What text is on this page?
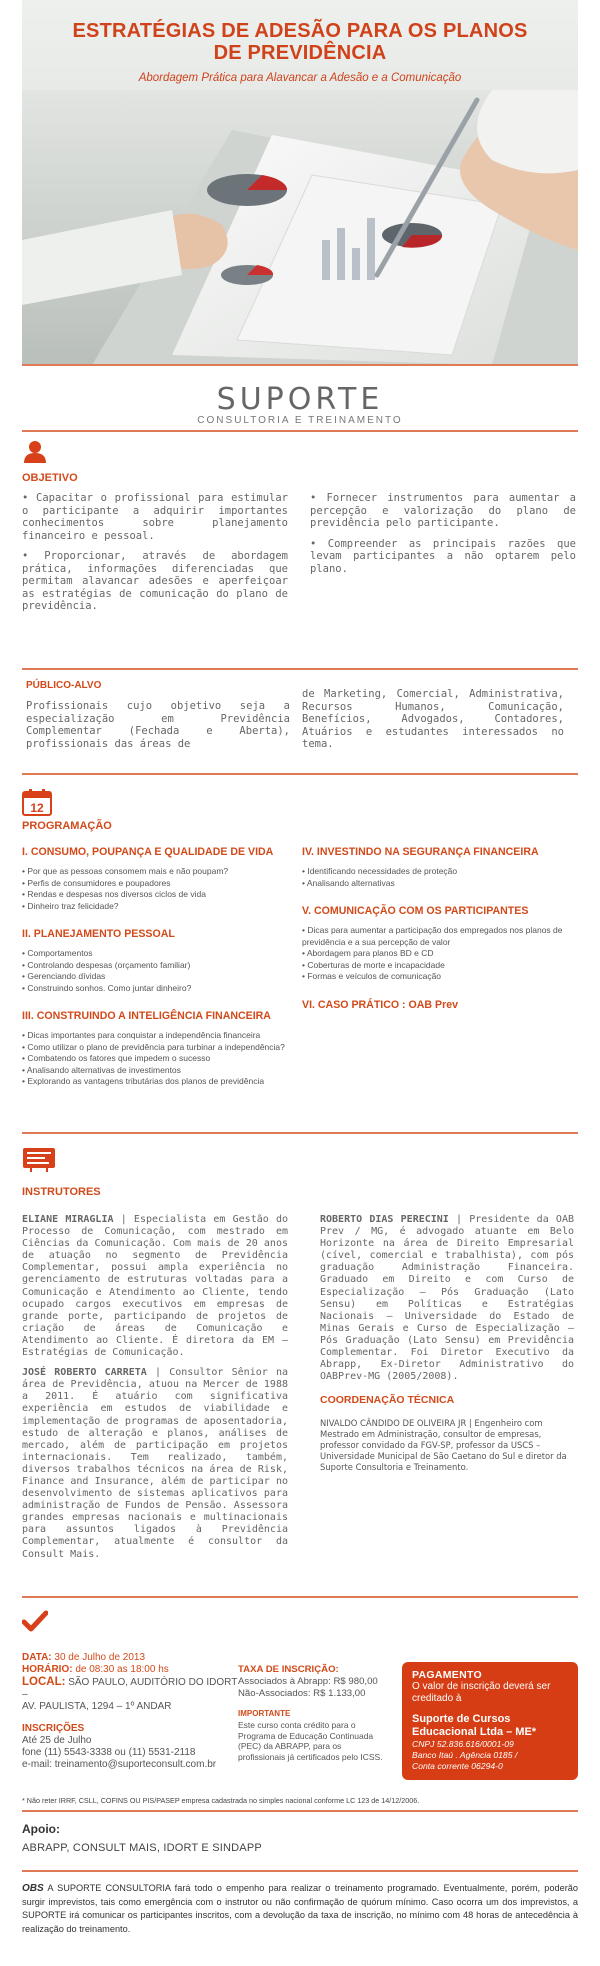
ESTRATÉGIAS DE ADESÃO PARA OS PLANOS
DE PREVIDÊNCIA
Abordagem Prática para Alavancar a Adesão e a Comunicação
SUPORTE
CONSULTORIA E TREINAMENTO
OBJETIVO
• Capacitar o profissional para estimular o participante a adquirir importantes conhecimentos sobre planejamento financeiro e pessoal.
• Proporcionar, através de abordagem prática, informações diferenciadas que permitam alavancar adesões e aperfeiçoar as estratégias de comunicação do plano de previdência.
• Fornecer instrumentos para aumentar a percepção e valorização do plano de previdência pelo participante.
• Compreender as principais razões que levam participantes a não optarem pelo plano.
PÚBLICO-ALVO
Profissionais cujo objetivo seja a especialização em Previdência Complementar (Fechada e Aberta), profissionais das áreas de
de Marketing, Comercial, Administrativa, Recursos Humanos, Comunicação, Benefícios, Advogados, Contadores, Atuários e estudantes interessados no tema.
12
PROGRAMAÇÃO
I. CONSUMO, POUPANÇA E QUALIDADE DE VIDA
• Por que as pessoas consomem mais e não poupam?
• Perfis de consumidores e poupadores
• Rendas e despesas nos diversos ciclos de vida
• Dinheiro traz felicidade?
II. PLANEJAMENTO PESSOAL
• Comportamentos
• Controlando despesas (orçamento familiar)
• Gerenciando dívidas
• Construindo sonhos. Como juntar dinheiro?
III. CONSTRUINDO A INTELIGÊNCIA FINANCEIRA
• Dicas importantes para conquistar a independência financeira
• Como utilizar o plano de previdência para turbinar a independência?
• Combatendo os fatores que impedem o sucesso
• Analisando alternativas de investimentos
• Explorando as vantagens tributárias dos planos de previdência
IV. INVESTINDO NA SEGURANÇA FINANCEIRA
• Identificando necessidades de proteção
• Analisando alternativas
V. COMUNICAÇÃO COM OS PARTICIPANTES
• Dicas para aumentar a participação dos empregados nos planos de previdência e a sua percepção de valor
• Abordagem para planos BD e CD
• Coberturas de morte e incapacidade
• Formas e veículos de comunicação
VI. CASO PRÁTICO : OAB Prev
INSTRUTORES
ELIANE MIRAGLIA | Especialista em Gestão do Processo de Comunicação, com mestrado em Ciências da Comunicação. Com mais de 20 anos de atuação no segmento de Previdência Complementar, possui ampla experiência no gerenciamento de estruturas voltadas para a Comunicação e Atendimento ao Cliente, tendo ocupado cargos executivos em empresas de grande porte, participando de projetos de criação de áreas de Comunicação e Atendimento ao Cliente. É diretora da EM – Estratégias de Comunicação.
JOSÉ ROBERTO CARRETA | Consultor Sênior na área de Previdência, atuou na Mercer de 1988 a 2011. É atuário com significativa experiência em estudos de viabilidade e implementação de programas de aposentadoria, estudo de alteração e planos, análises de mercado, além de participação em projetos internacionais. Tem realizado, também, diversos trabalhos técnicos na área de Risk, Finance and Insurance, além de participar no desenvolvimento de sistemas aplicativos para administração de Fundos de Pensão. Assessora grandes empresas nacionais e multinacionais para assuntos ligados à Previdência Complementar, atualmente é consultor da Consult Mais.
ROBERTO DIAS PERECINI | Presidente da OAB Prev / MG, é advogado atuante em Belo Horizonte na área de Direito Empresarial (cível, comercial e trabalhista), com pós graduação Administração Financeira. Graduado em Direito e com Curso de Especialização – Pós Graduação (Lato Sensu) em Políticas e Estratégias Nacionais – Universidade do Estado de Minas Gerais e Curso de Especialização – Pós Graduação (Lato Sensu) em Previdência Complementar. Foi Diretor Executivo da Abrapp, Ex-Diretor Administrativo do OABPrev-MG (2005/2008).
COORDENAÇÃO TÉCNICA
NIVALDO CÂNDIDO DE OLIVEIRA JR | Engenheiro com Mestrado em Administração, consultor de empresas, professor convidado da FGV-SP, professor da USCS – Universidade Municipal de São Caetano do Sul e diretor da Suporte Consultoria e Treinamento.
DATA: 30 de Julho de 2013
HORÁRIO: de 08:30 as 18:00 hs
LOCAL: SÃO PAULO, AUDITÓRIO DO IDORT –
AV. PAULISTA, 1294 – 1º ANDAR
INSCRIÇÕES
Até 25 de Julho
fone (11) 5543-3338 ou (11) 5531-2118
e-mail: treinamento@suporteconsult.com.br
TAXA DE INSCRIÇÃO:
Associados à Abrapp: R$ 980,00
Não-Associados: R$ 1.133,00
IMPORTANTE
Este curso conta crédito para o Programa de Educação Continuada (PEC) da ABRAPP, para os profissionais já certificados pelo ICSS.
PAGAMENTO
O valor de inscrição deverá ser creditado à
Suporte de Cursos Educacional Ltda – ME*
CNPJ 52.836.616/0001-09
Banco Itaú . Agência 0185 /
Conta corrente 06294-0
* Não reter IRRF, CSLL, COFINS OU PIS/PASEP empresa cadastrada no simples nacional conforme LC 123 de 14/12/2006.
Apoio:
ABRAPP, CONSULT MAIS, IDORT E SINDAPP
OBS A SUPORTE CONSULTORIA fará todo o empenho para realizar o treinamento programado. Eventualmente, porém, poderão surgir imprevistos, tais como emergência com o instrutor ou não confirmação de quórum mínimo. Caso ocorra um dos imprevistos, a SUPORTE irá comunicar os participantes inscritos, com a devolução da taxa de inscrição, no mínimo com 48 horas de antecedência à realização do treinamento.
